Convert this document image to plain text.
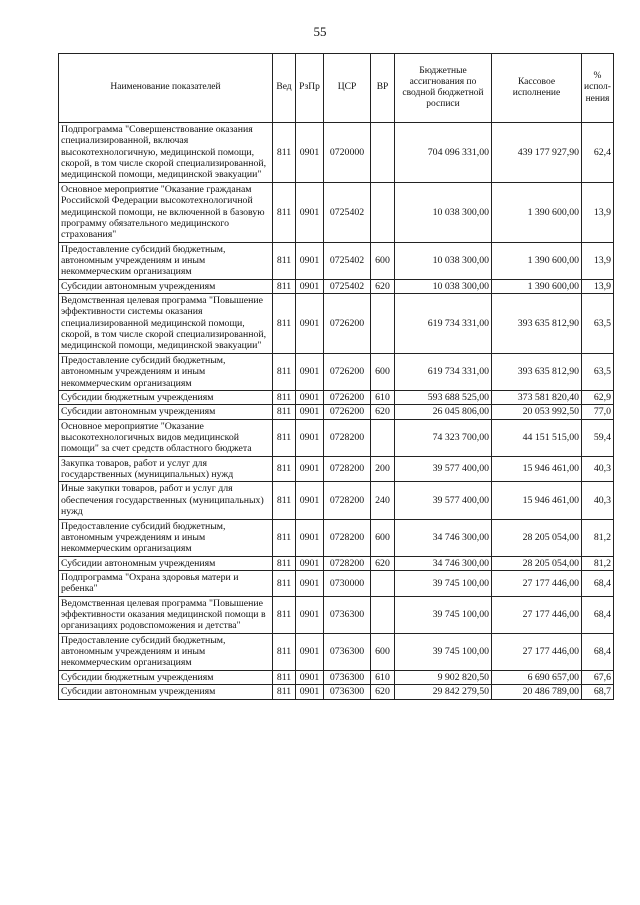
55
Наименование показателей	Вед	РзПр	ЦСР	ВР	Бюджетные ассигнования по сводной бюджетной росписи	Кассовое исполнение	% испол-нения
Подпрограмма "Совершенствование оказания специализированной, включая высокотехнологичную, медицинской помощи, скорой, в том числе скорой специализированной, медицинской помощи, медицинской эвакуации"	811	0901	0720000		704 096 331,00	439 177 927,90	62,4
Основное мероприятие "Оказание гражданам Российской Федерации высокотехнологичной медицинской помощи, не включенной в базовую программу обязательного медицинского страхования"	811	0901	0725402		10 038 300,00	1 390 600,00	13,9
Предоставление субсидий бюджетным, автономным учреждениям и иным некоммерческим организациям	811	0901	0725402	600	10 038 300,00	1 390 600,00	13,9
Субсидии автономным учреждениям	811	0901	0725402	620	10 038 300,00	1 390 600,00	13,9
Ведомственная целевая программа "Повышение эффективности системы оказания специализированной медицинской помощи, скорой, в том числе скорой специализированной, медицинской помощи, медицинской эвакуации"	811	0901	0726200		619 734 331,00	393 635 812,90	63,5
Предоставление субсидий бюджетным, автономным учреждениям и иным некоммерческим организациям	811	0901	0726200	600	619 734 331,00	393 635 812,90	63,5
Субсидии бюджетным учреждениям	811	0901	0726200	610	593 688 525,00	373 581 820,40	62,9
Субсидии автономным учреждениям	811	0901	0726200	620	26 045 806,00	20 053 992,50	77,0
Основное мероприятие "Оказание высокотехнологичных видов медицинской помощи" за счет средств областного бюджета	811	0901	0728200		74 323 700,00	44 151 515,00	59,4
Закупка товаров, работ и услуг для государственных (муниципальных) нужд	811	0901	0728200	200	39 577 400,00	15 946 461,00	40,3
Иные закупки товаров, работ и услуг для обеспечения государственных (муниципальных) нужд	811	0901	0728200	240	39 577 400,00	15 946 461,00	40,3
Предоставление субсидий бюджетным, автономным учреждениям и иным некоммерческим организациям	811	0901	0728200	600	34 746 300,00	28 205 054,00	81,2
Субсидии автономным учреждениям	811	0901	0728200	620	34 746 300,00	28 205 054,00	81,2
Подпрограмма "Охрана здоровья матери и ребенка"	811	0901	0730000		39 745 100,00	27 177 446,00	68,4
Ведомственная целевая программа "Повышение эффективности оказания медицинской помощи в организациях родовспоможения и детства"	811	0901	0736300		39 745 100,00	27 177 446,00	68,4
Предоставление субсидий бюджетным, автономным учреждениям и иным некоммерческим организациям	811	0901	0736300	600	39 745 100,00	27 177 446,00	68,4
Субсидии бюджетным учреждениям	811	0901	0736300	610	9 902 820,50	6 690 657,00	67,6
Субсидии автономным учреждениям	811	0901	0736300	620	29 842 279,50	20 486 789,00	68,7
